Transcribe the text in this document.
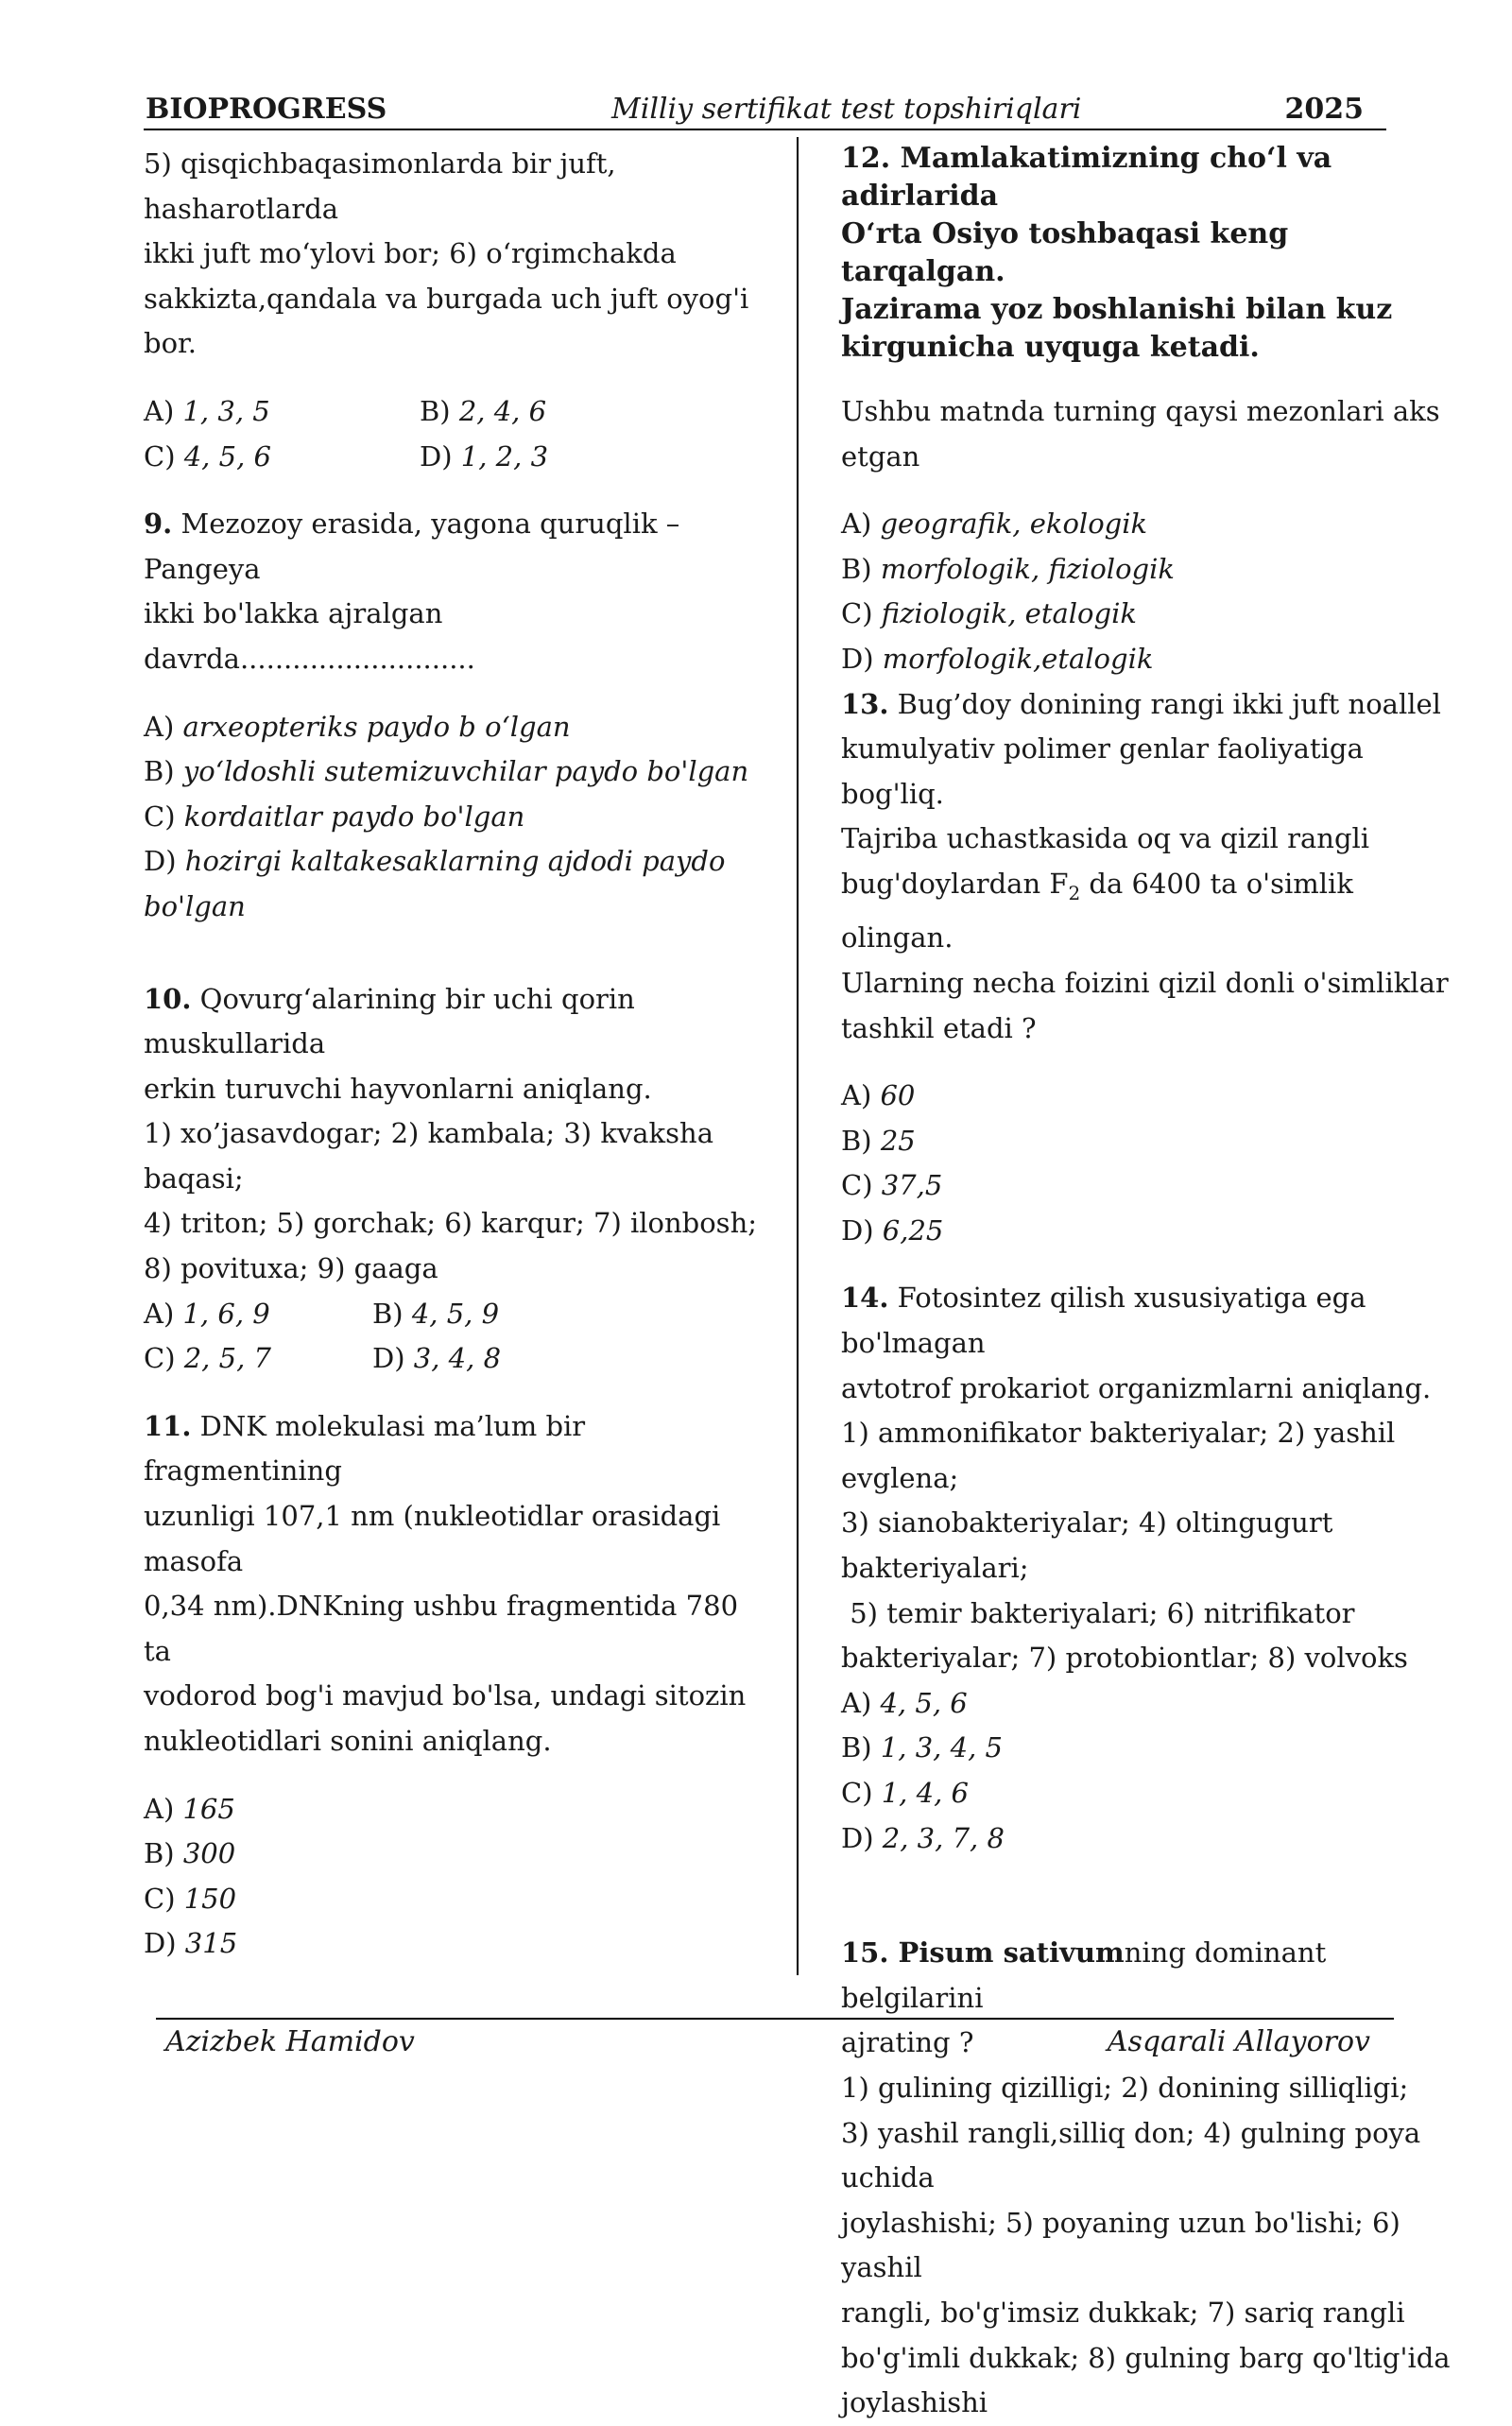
BIOPROGRESS	Milliy sertifikat test topshiriqlari	2025

5) qisqichbaqasimonlarda bir juft, hasharotlarda

ikki juft mo‘ylovi bor; 6) o‘rgimchakda

sakkizta,qandala va burgada uch juft oyog'i bor.

A) 1, 3, 5	B) 2, 4, 6
C) 4, 5, 6	D) 1, 2, 3

9. Mezozoy erasida, yagona quruqlik – Pangeya

ikki bo'lakka ajralgan davrda...........................

A) arxeopteriks paydo b o‘lgan

B) yo‘ldoshli sutemizuvchilar paydo bo'lgan

C) kordaitlar paydo bo'lgan

D) hozirgi kaltakesaklarning ajdodi paydo

bo'lgan

10. Qovurg‘alarining bir uchi qorin muskullarida

erkin turuvchi hayvonlarni aniqlang.

1) xo’jasavdogar; 2) kambala; 3) kvaksha baqasi;

4) triton; 5) gorchak; 6) karqur; 7) ilonbosh;

8) povituxa; 9) gaaga

A) 1, 6, 9	B) 4, 5, 9
C) 2, 5, 7	D) 3, 4, 8

11. DNK molekulasi ma’lum bir fragmentining

uzunligi 107,1 nm (nukleotidlar orasidagi masofa

0,34 nm).DNKning ushbu fragmentida 780 ta

vodorod bog'i mavjud bo'lsa, undagi sitozin

nukleotidlari sonini aniqlang.

A) 165

B) 300

C) 150

D) 315

12. Mamlakatimizning cho‘l va adirlarida

O‘rta Osiyo toshbaqasi keng tarqalgan.

Jazirama yoz boshlanishi bilan kuz

kirgunicha uyquga ketadi.

Ushbu matnda turning qaysi mezonlari aks etgan

A) geografik, ekologik

B) morfologik, fiziologik

C) fiziologik, etalogik

D) morfologik,etalogik

13. Bug’doy donining rangi ikki juft noallel

kumulyativ polimer genlar faoliyatiga bog'liq.

Tajriba uchastkasida oq va qizil rangli

bug'doylardan $F_2$ da 6400 ta o'simlik olingan.

Ularning necha foizini qizil donli o'simliklar

tashkil etadi ?

A) 60

B) 25

C) 37,5

D) 6,25

14. Fotosintez qilish xususiyatiga ega bo'lmagan

avtotrof prokariot organizmlarni aniqlang.

1) ammonifikator bakteriyalar; 2) yashil evglena;

3) sianobakteriyalar; 4) oltingugurt bakteriyalari;

5) temir bakteriyalari; 6) nitrifikator

bakteriyalar; 7) protobiontlar; 8) volvoks

A) 4, 5, 6

B) 1, 3, 4, 5

C) 1, 4, 6

D) 2, 3, 7, 8

15. Pisum sativumning dominant belgilarini

ajrating ?

1) gulining qizilligi; 2) donining silliqligi;

3) yashil rangli,silliq don; 4) gulning poya uchida

joylashishi; 5) poyaning uzun bo'lishi; 6) yashil

rangli, bo'g'imsiz dukkak; 7) sariq rangli

bo'g'imli dukkak; 8) gulning barg qo'ltig'ida

joylashishi

Azizbek Hamidov	Asqarali Allayorov
